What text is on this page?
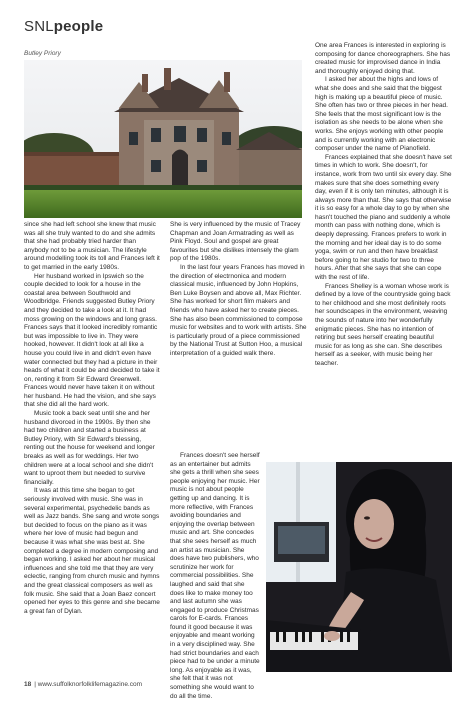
SNLpeople
Butley Priory

One area Frances is interested in exploring is composing for dance choreographers. She has created music for improvised dance in India and thoroughly enjoyed doing that.

I asked her about the highs and lows of what she does and she said that the biggest high is making up a beautiful piece of music. She often has two or three pieces in her head. She feels that the most significant low is the isolation as she needs to be alone when she works. She enjoys working with other people and is currently working with an electronic composer under the name of Pianofield.

Frances explained that she doesn't have set times in which to work. She doesn't, for instance, work from two until six every day. She makes sure that she does something every day, even if it is only ten minutes, although it is always more than that. She says that otherwise it is so easy for a whole day to go by when she hasn't touched the piano and suddenly a whole month can pass with nothing done, which is deeply depressing. Frances prefers to work in the morning and her ideal day is to do some yoga, swim or run and then have breakfast before going to her studio for two to three hours. After that she says that she can cope with the rest of life.

Frances Shelley is a woman whose work is defined by a love of the countryside going back to her childhood and she most definitely roots her soundscapes in the environment, weaving the sounds of nature into her wonderfully enigmatic pieces. She has no intention of retiring but sees herself creating beautiful music for as long as she can. She describes herself as a seeker, with music being her teacher.

since she had left school she knew that music was all she truly wanted to do and she admits that she had probably tried harder than anybody not to be a musician. The lifestyle around modelling took its toll and Frances left it to get married in the early 1980s.

Her husband worked in Ipswich so the couple decided to look for a house in the coastal area between Southwold and Woodbridge. Friends suggested Butley Priory and they decided to take a look at it. It had moss growing on the windows and long grass. Frances says that it looked incredibly romantic but was impossible to live in. They were hooked, however. It didn't look at all like a house you could live in and didn't even have water connected but they had a picture in their heads of what it could be and decided to take it on, renting it from Sir Edward Greenwell. Frances would never have taken it on without her husband. He had the vision, and she says that she did all the hard work.

Music took a back seat until she and her husband divorced in the 1990s. By then she had two children and started a business at Butley Priory, with Sir Edward's blessing, renting out the house for weekend and longer breaks as well as for weddings. Her two children were at a local school and she didn't want to uproot them but needed to survive financially.

It was at this time she began to get seriously involved with music. She was in several experimental, psychedelic bands as well as Jazz bands. She sang and wrote songs but decided to focus on the piano as it was where her love of music had begun and because it was what she was best at. She completed a degree in modern composing and began working. I asked her about her musical influences and she told me that they are very eclectic, ranging from church music and hymns and the great classical composers as well as folk music. She said that a Joan Baez concert opened her eyes to this genre and she became a great fan of Dylan.

She is very influenced by the music of Tracey Chapman and Joan Armatrading as well as Pink Floyd. Soul and gospel are great favourites but she dislikes intensely the glam pop of the 1980s.

In the last four years Frances has moved in the direction of electrnonica and modern classical music, influenced by John Hopkins, Ben Luke Boysen and above all, Max Richter. She has worked for short film makers and friends who have asked her to create pieces. She has also been commissioned to compose music for websites and to work with artists. She is particularly proud of a piece commissioned by the National Trust at Sutton Hoo, a musical interpretation of a guided walk there.

Frances doesn't see herself as an entertainer but admits she gets a thrill when she sees people enjoying her music. Her music is not about people getting up and dancing. It is more reflective, with Frances avoiding boundaries and enjoying the overlap between music and art. She concedes that she sees herself as much an artist as musician. She does have two publishers, who scrutinize her work for commercial possibilities. She laughed and said that she does like to make money too and last autumn she was engaged to produce Christmas carols for E-cards. Frances found it good because it was enjoyable and meant working in a very disciplined way. She had strict boundaries and each piece had to be under a minute long. As enjoyable as it was, she felt that it was not something she would want to do all the time.

18 | www.suffolknorfolklifemagazine.com
